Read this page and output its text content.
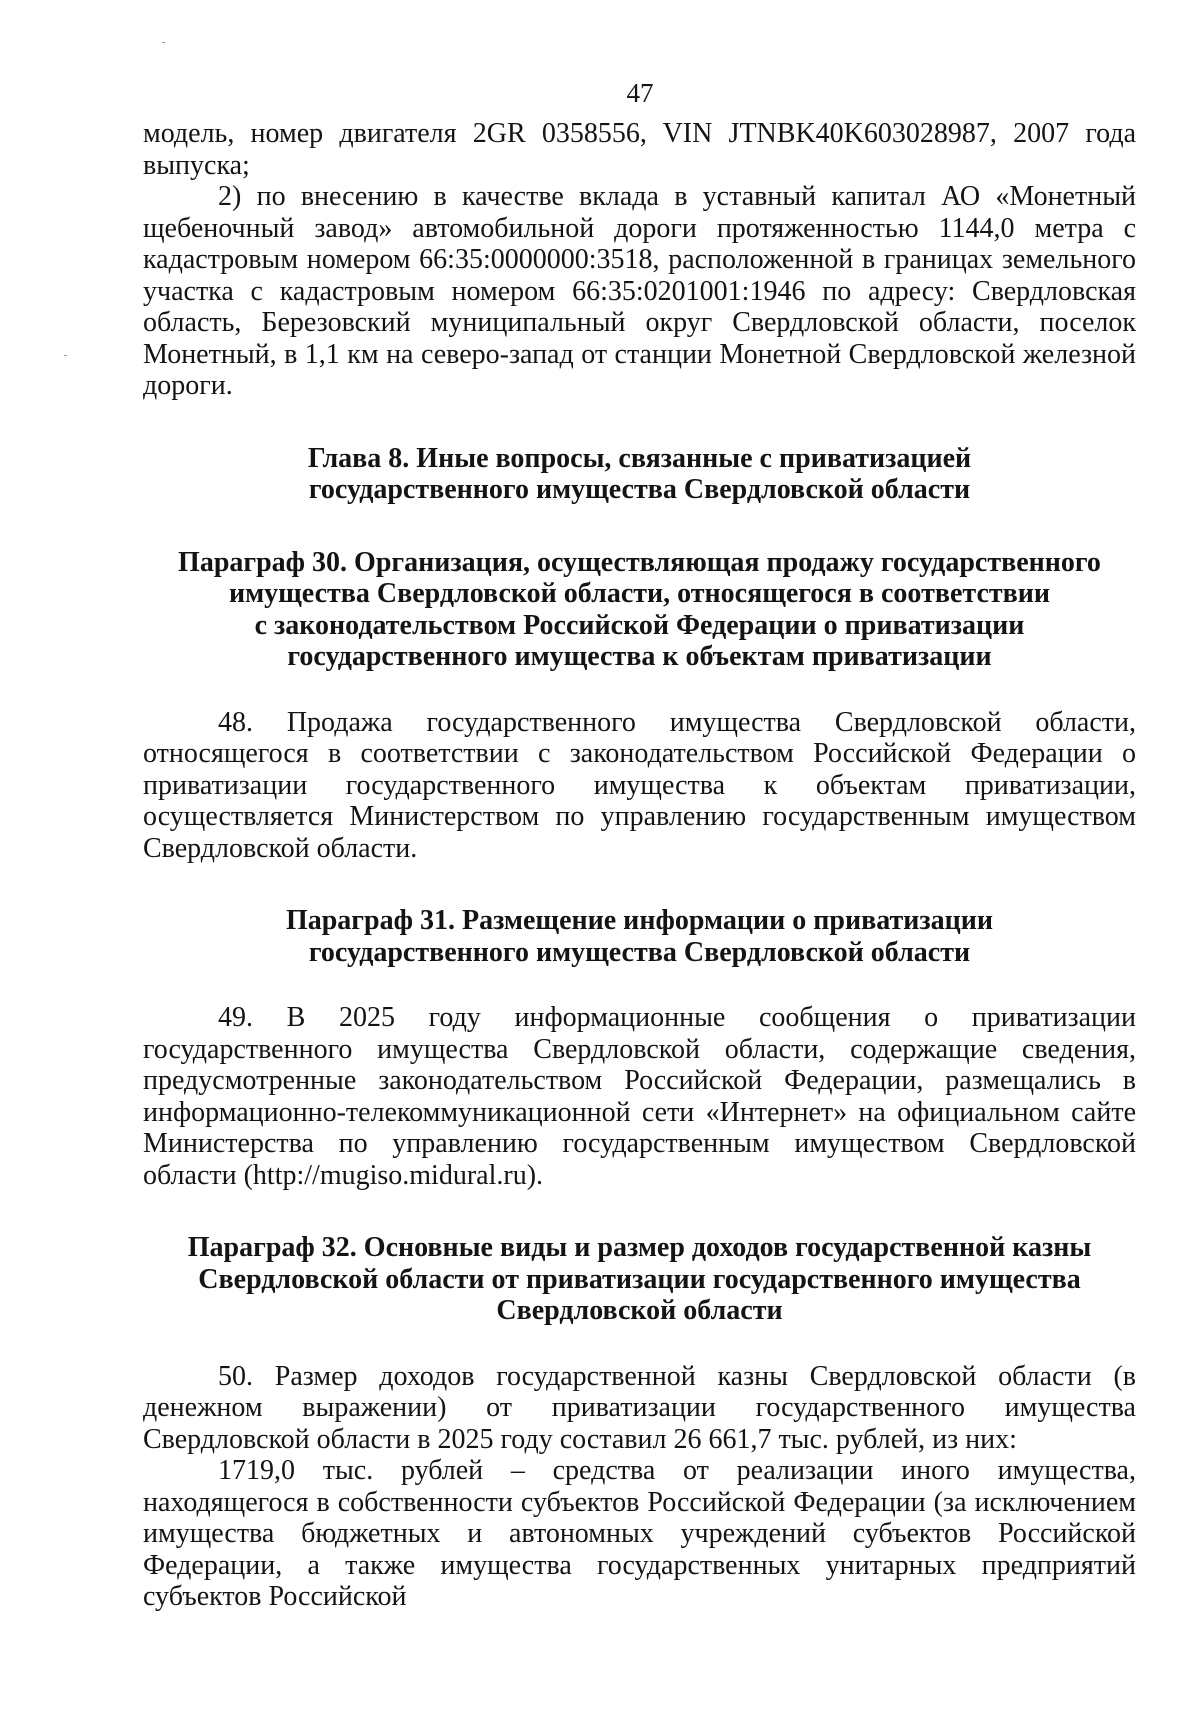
47

модель, номер двигателя 2GR 0358556, VIN JTNBK40K603028987, 2007 года выпуска;

2) по внесению в качестве вклада в уставный капитал АО «Монетный щебеночный завод» автомобильной дороги протяженностью 1144,0 метра с кадастровым номером 66:35:0000000:3518, расположенной в границах земельного участка с кадастровым номером 66:35:0201001:1946 по адресу: Свердловская область, Березовский муниципальный округ Свердловской области, поселок Монетный, в 1,1 км на северо-запад от станции Монетной Свердловской железной дороги.

Глава 8. Иные вопросы, связанные с приватизацией
государственного имущества Свердловской области
Параграф 30. Организация, осуществляющая продажу государственного
имущества Свердловской области, относящегося в соответствии
с законодательством Российской Федерации о приватизации
государственного имущества к объектам приватизации

48. Продажа государственного имущества Свердловской области, относящегося в соответствии с законодательством Российской Федерации о приватизации государственного имущества к объектам приватизации, осуществляется Министерством по управлению государственным имуществом Свердловской области.

Параграф 31. Размещение информации о приватизации
государственного имущества Свердловской области

49. В 2025 году информационные сообщения о приватизации государственного имущества Свердловской области, содержащие сведения, предусмотренные законодательством Российской Федерации, размещались в информационно-телекоммуникационной сети «Интернет» на официальном сайте Министерства по управлению государственным имуществом Свердловской области (http://mugiso.midural.ru).

Параграф 32. Основные виды и размер доходов государственной казны
Свердловской области от приватизации государственного имущества
Свердловской области

50. Размер доходов государственной казны Свердловской области (в денежном выражении) от приватизации государственного имущества Свердловской области в 2025 году составил 26 661,7 тыс. рублей, из них:

1719,0 тыс. рублей – средства от реализации иного имущества, находящегося в собственности субъектов Российской Федерации (за исключением имущества бюджетных и автономных учреждений субъектов Российской Федерации, а также имущества государственных унитарных предприятий субъектов Российской
